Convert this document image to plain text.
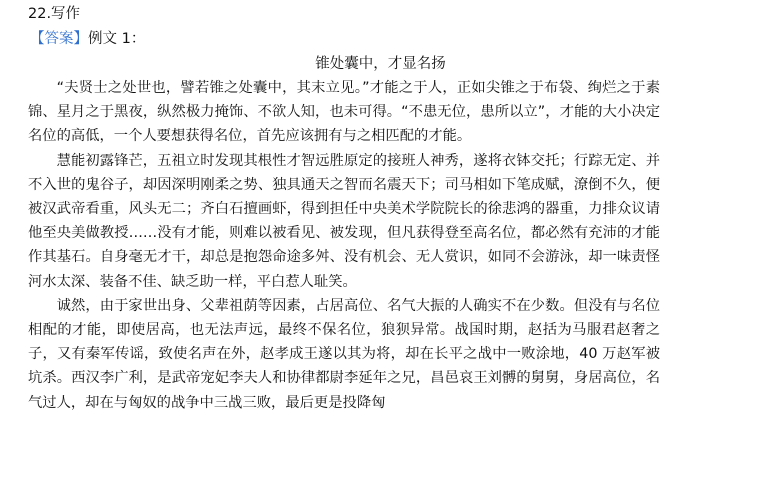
22.写作
【答案】例文 1：
锥处囊中，才显名扬

“夫贤士之处世也，譬若锥之处囊中，其末立见。”才能之于人，正如尖锥之于布袋、绚烂之于素锦、星月之于黑夜，纵然极力掩饰、不欲人知，也未可得。“不患无位，患所以立”，才能的大小决定名位的高低，一个人要想获得名位，首先应该拥有与之相匹配的才能。

慧能初露锋芒，五祖立时发现其根性才智远胜原定的接班人神秀，遂将衣钵交托；行踪无定、并不入世的鬼谷子，却因深明刚柔之势、独具通天之智而名震天下；司马相如下笔成赋，潦倒不久，便被汉武帝看重，风头无二；齐白石擅画虾，得到担任中央美术学院院长的徐悲鸿的器重，力排众议请他至央美做教授……没有才能，则难以被看见、被发现，但凡获得登至高名位，都必然有充沛的才能作其基石。自身毫无才干，却总是抱怨命途多舛、没有机会、无人赏识，如同不会游泳，却一味责怪河水太深、装备不佳、缺乏助一样，平白惹人耻笑。

诚然，由于家世出身、父辈祖荫等因素，占居高位、名气大振的人确实不在少数。但没有与名位相配的才能，即使居高，也无法声远，最终不保名位，狼狈异常。战国时期，赵括为马服君赵奢之子，又有秦军传谣，致使名声在外，赵孝成王遂以其为将，却在长平之战中一败涂地，40 万赵军被坑杀。西汉李广利，是武帝宠妃李夫人和协律都尉李延年之兄，昌邑哀王刘髆的舅舅，身居高位，名气过人，却在与匈奴的战争中三战三败，最后更是投降匈
